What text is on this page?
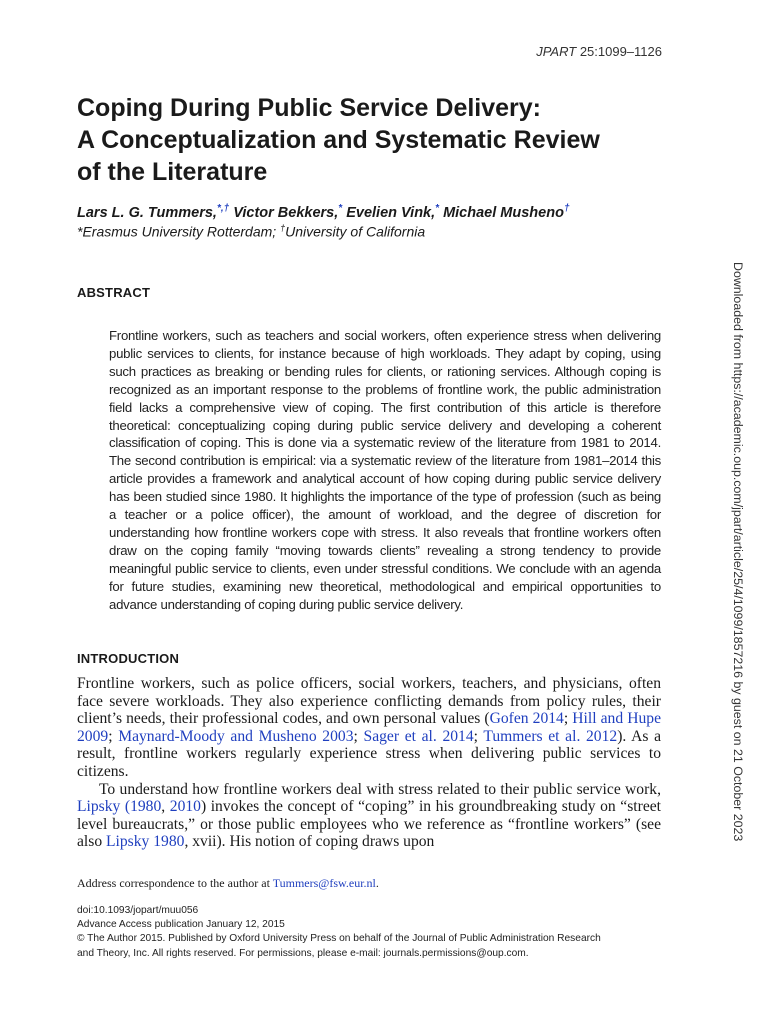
JPART 25:1099–1126
Coping During Public Service Delivery:
A Conceptualization and Systematic Review
of the Literature
Lars L. G. Tummers,*,† Victor Bekkers,* Evelien Vink,* Michael Musheno†
*Erasmus University Rotterdam; †University of California
ABSTRACT

Frontline workers, such as teachers and social workers, often experience stress when delivering public services to clients, for instance because of high workloads. They adapt by coping, using such practices as breaking or bending rules for clients, or rationing services. Although coping is recognized as an important response to the problems of frontline work, the public administration field lacks a comprehensive view of coping. The first contribution of this article is therefore theoretical: conceptualizing coping during public service delivery and developing a coherent classification of coping. This is done via a systematic review of the literature from 1981 to 2014. The second contribution is empirical: via a systematic review of the literature from 1981–2014 this article provides a framework and analytical account of how coping during public service delivery has been studied since 1980. It highlights the importance of the type of profession (such as being a teacher or a police officer), the amount of workload, and the degree of discretion for understanding how frontline workers cope with stress. It also reveals that frontline workers often draw on the coping family “moving towards clients” revealing a strong tendency to provide meaningful public service to clients, even under stressful conditions. We conclude with an agenda for future studies, examining new theoretical, methodological and empirical opportunities to advance understanding of coping during public service delivery.

INTRODUCTION

Frontline workers, such as police officers, social workers, teachers, and physicians, often face severe workloads. They also experience conflicting demands from policy rules, their client’s needs, their professional codes, and own personal values (Gofen 2014; Hill and Hupe 2009; Maynard-Moody and Musheno 2003; Sager et al. 2014; Tummers et al. 2012). As a result, frontline workers regularly experience stress when delivering public services to citizens.

To understand how frontline workers deal with stress related to their public service work, Lipsky (1980, 2010) invokes the concept of “coping” in his groundbreaking study on “street level bureaucrats,” or those public employees who we reference as “frontline workers” (see also Lipsky 1980, xvii). His notion of coping draws upon

Address correspondence to the author at Tummers@fsw.eur.nl.
doi:10.1093/jopart/muu056
Advance Access publication January 12, 2015
© The Author 2015. Published by Oxford University Press on behalf of the Journal of Public Administration Research
and Theory, Inc. All rights reserved. For permissions, please e-mail: journals.permissions@oup.com.
Downloaded from https://academic.oup.com/jpart/article/25/4/1099/1857216 by guest on 21 October 2023
